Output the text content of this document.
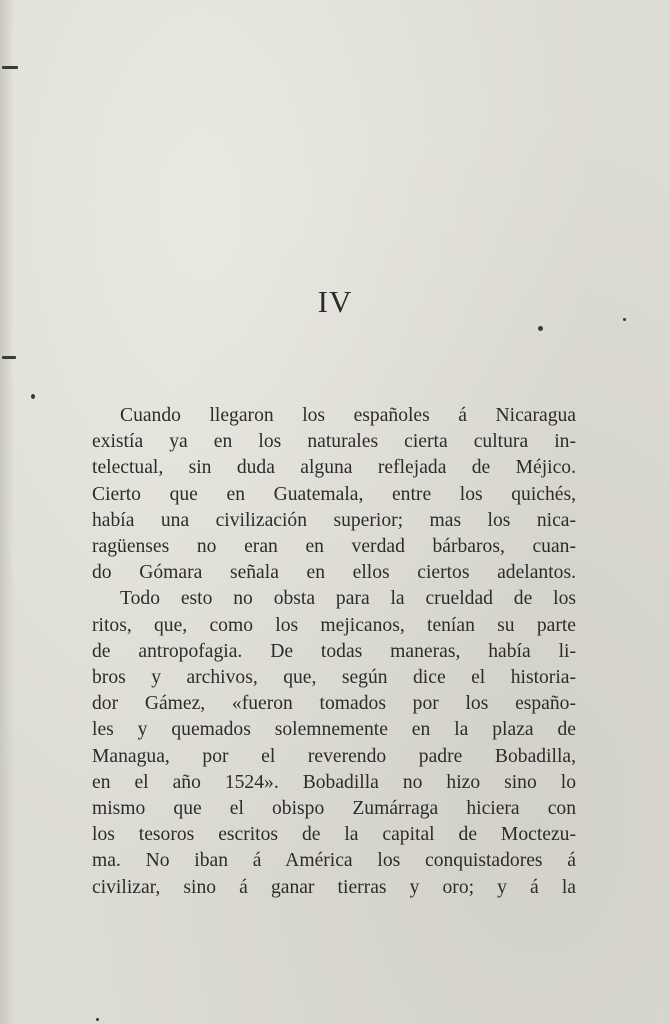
IV
Cuando llegaron los españoles á Nicaragua
existía ya en los naturales cierta cultura in-
telectual, sin duda alguna reflejada de Méjico.
Cierto que en Guatemala, entre los quichés,
había una civilización superior; mas los nica-
ragüenses no eran en verdad bárbaros, cuan-
do Gómara señala en ellos ciertos adelantos.
Todo esto no obsta para la crueldad de los
ritos, que, como los mejicanos, tenían su parte
de antropofagia. De todas maneras, había li-
bros y archivos, que, según dice el historia-
dor Gámez, «fueron tomados por los españo-
les y quemados solemnemente en la plaza de
Managua, por el reverendo padre Bobadilla,
en el año 1524». Bobadilla no hizo sino lo
mismo que el obispo Zumárraga hiciera con
los tesoros escritos de la capital de Moctezu-
ma. No iban á América los conquistadores á
civilizar, sino á ganar tierras y oro; y á la
